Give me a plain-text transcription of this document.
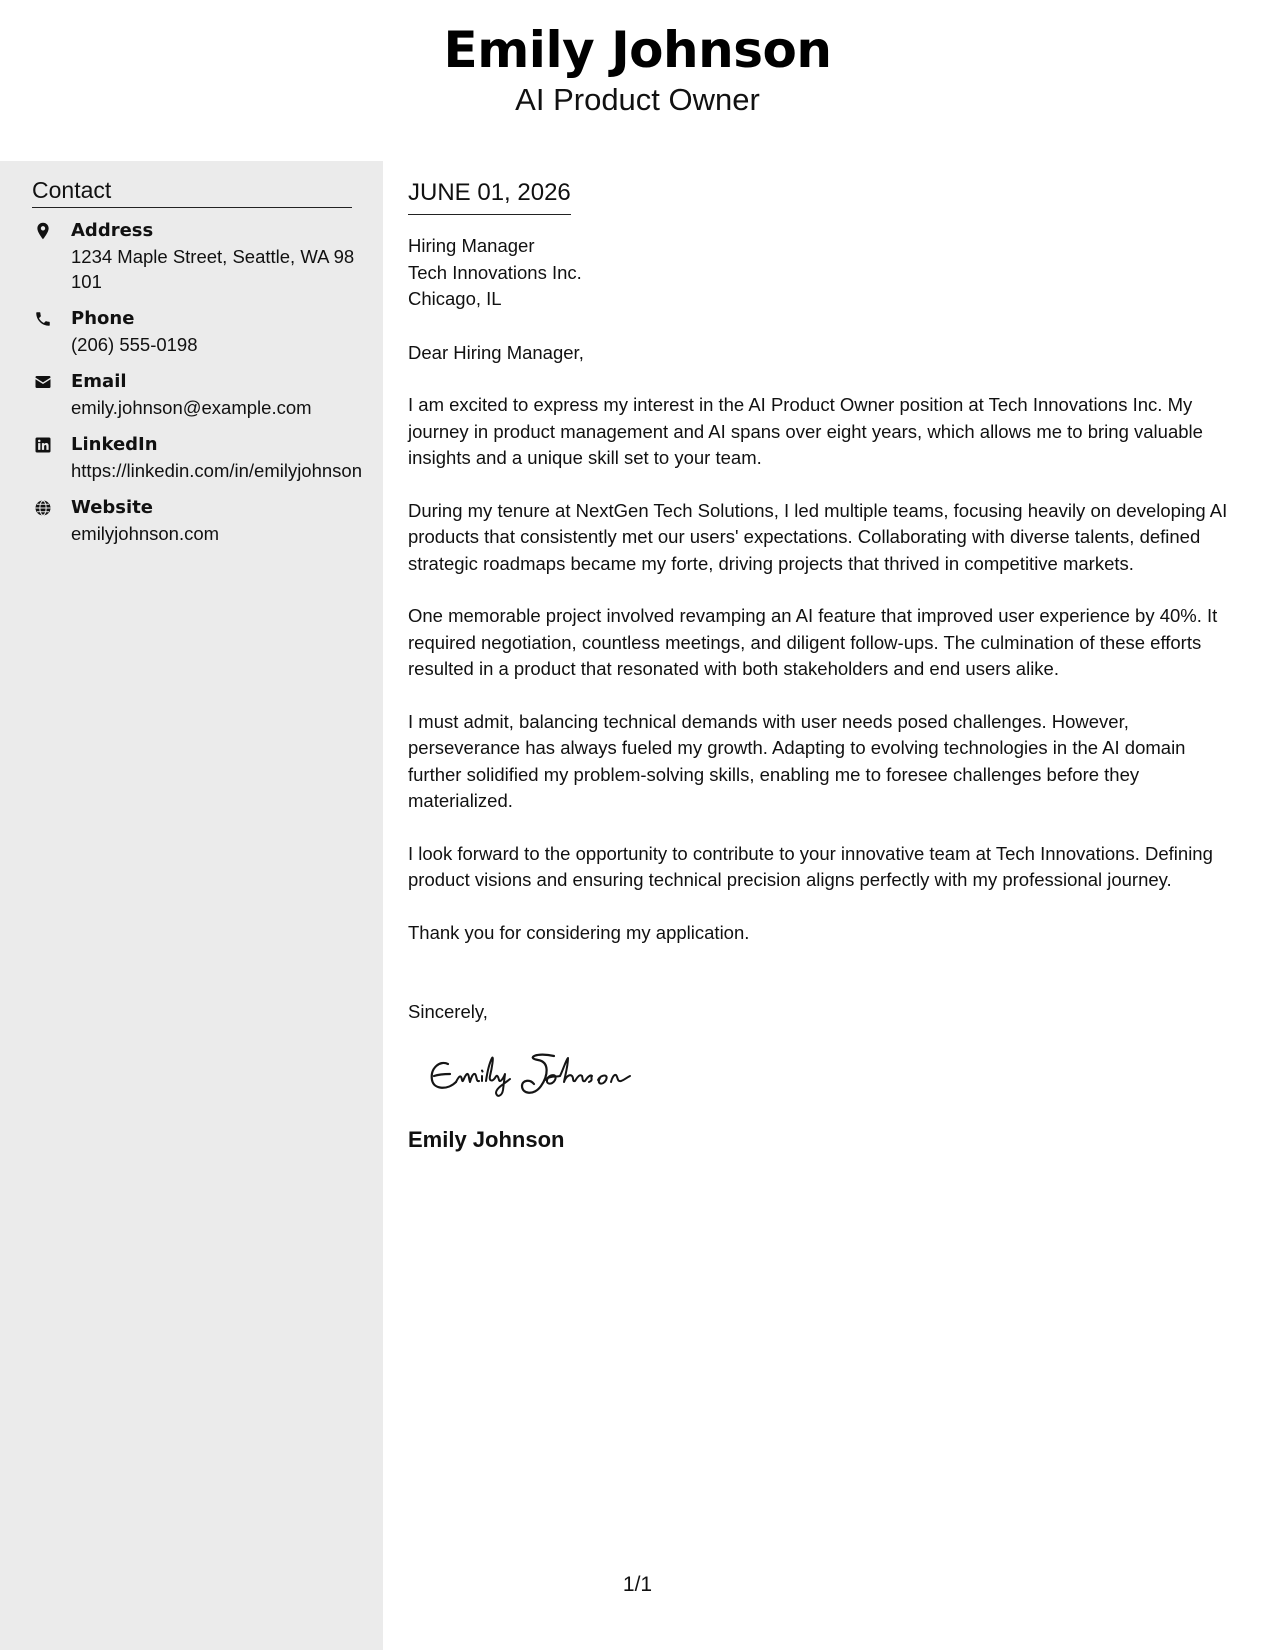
Emily Johnson
AI Product Owner
Contact
Address
1234 Maple Street, Seattle, WA 98101
Phone
(206) 555-0198
Email
emily.johnson@example.com
LinkedIn
https://linkedin.com/in/emilyjohnson
Website
emilyjohnson.com
JUNE 01, 2026
Hiring Manager
Tech Innovations Inc.
Chicago, IL
Dear Hiring Manager,
I am excited to express my interest in the AI Product Owner position at Tech Innovations Inc. My journey in product management and AI spans over eight years, which allows me to bring valuable insights and a unique skill set to your team.
During my tenure at NextGen Tech Solutions, I led multiple teams, focusing heavily on developing AI products that consistently met our users' expectations. Collaborating with diverse talents, defined strategic roadmaps became my forte, driving projects that thrived in competitive markets.
One memorable project involved revamping an AI feature that improved user experience by 40%. It required negotiation, countless meetings, and diligent follow-ups. The culmination of these efforts resulted in a product that resonated with both stakeholders and end users alike.
I must admit, balancing technical demands with user needs posed challenges. However, perseverance has always fueled my growth. Adapting to evolving technologies in the AI domain further solidified my problem-solving skills, enabling me to foresee challenges before they materialized.
I look forward to the opportunity to contribute to your innovative team at Tech Innovations. Defining product visions and ensuring technical precision aligns perfectly with my professional journey.
Thank you for considering my application.
Sincerely,
Emily Johnson
1/1
